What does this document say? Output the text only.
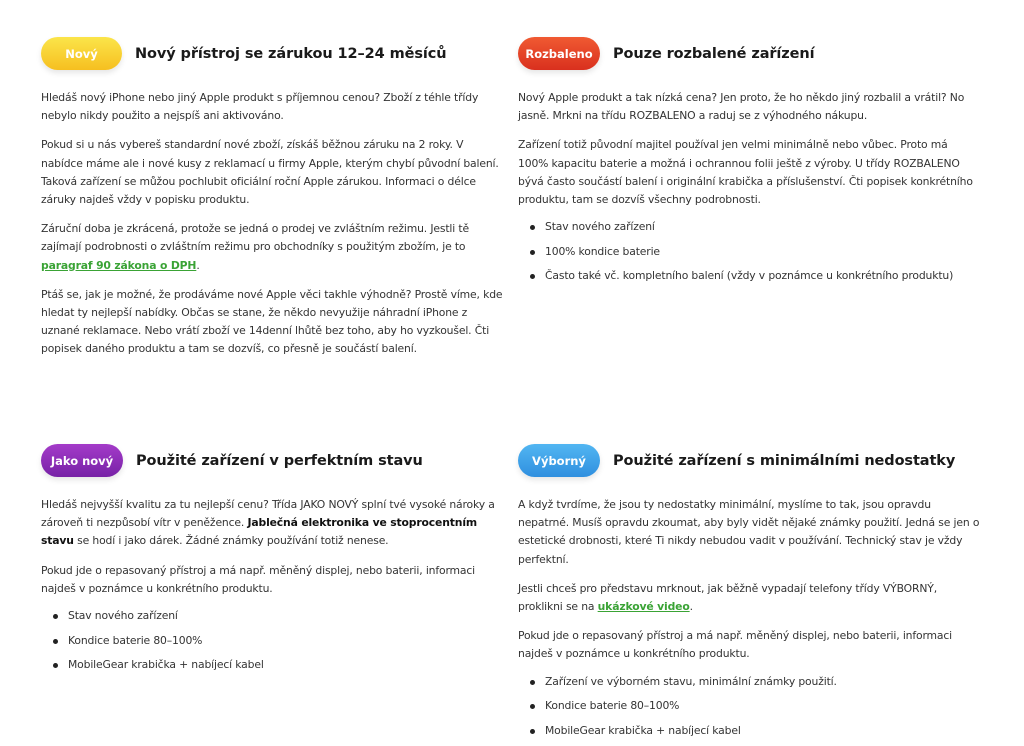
Nový	Nový přístroj se zárukou 12–24 měsíců

Hledáš nový iPhone nebo jiný Apple produkt s příjemnou cenou? Zboží z téhle třídy nebylo nikdy použito a nejspíš ani aktivováno.

Pokud si u nás vybereš standardní nové zboží, získáš běžnou záruku na 2 roky. V nabídce máme ale i nové kusy z reklamací u firmy Apple, kterým chybí původní balení. Taková zařízení se můžou pochlubit oficiální roční Apple zárukou. Informaci o délce záruky najdeš vždy v popisku produktu.

Záruční doba je zkrácená, protože se jedná o prodej ve zvláštním režimu. Jestli tě zajímají podrobnosti o zvláštním režimu pro obchodníky s použitým zbožím, je to paragraf 90 zákona o DPH.

Ptáš se, jak je možné, že prodáváme nové Apple věci takhle výhodně? Prostě víme, kde hledat ty nejlepší nabídky. Občas se stane, že někdo nevyužije náhradní iPhone z uznané reklamace. Nebo vrátí zboží ve 14denní lhůtě bez toho, aby ho vyzkoušel. Čti popisek daného produktu a tam se dozvíš, co přesně je součástí balení.

Rozbaleno	Pouze rozbalené zařízení

Nový Apple produkt a tak nízká cena? Jen proto, že ho někdo jiný rozbalil a vrátil? No jasně. Mrkni na třídu ROZBALENO a raduj se z výhodného nákupu.

Zařízení totiž původní majitel používal jen velmi minimálně nebo vůbec. Proto má 100% kapacitu baterie a možná i ochrannou folii ještě z výroby. U třídy ROZBALENO bývá často součástí balení i originální krabička a příslušenství. Čti popisek konkrétního produktu, tam se dozvíš všechny podrobnosti.

Stav nového zařízení
100% kondice baterie
Často také vč. kompletního balení (vždy v poznámce u konkrétního produktu)
Jako nový	Použité zařízení v perfektním stavu

Hledáš nejvyšší kvalitu za tu nejlepší cenu? Třída JAKO NOVÝ splní tvé vysoké nároky a zároveň ti nezpůsobí vítr v peněžence. Jablečná elektronika ve stoprocentním stavu se hodí i jako dárek. Žádné známky používání totiž nenese.

Pokud jde o repasovaný přístroj a má např. měněný displej, nebo baterii, informaci najdeš v poznámce u konkrétního produktu.

Stav nového zařízení
Kondice baterie 80–100%
MobileGear krabička + nabíjecí kabel
Výborný	Použité zařízení s minimálními nedostatky

A když tvrdíme, že jsou ty nedostatky minimální, myslíme to tak, jsou opravdu nepatrné. Musíš opravdu zkoumat, aby byly vidět nějaké známky použití. Jedná se jen o estetické drobnosti, které Ti nikdy nebudou vadit v používání. Technický stav je vždy perfektní.

Jestli chceš pro představu mrknout, jak běžně vypadají telefony třídy VÝBORNÝ, proklikni se na ukázkové video.

Pokud jde o repasovaný přístroj a má např. měněný displej, nebo baterii, informaci najdeš v poznámce u konkrétního produktu.

Zařízení ve výborném stavu, minimální známky použití.
Kondice baterie 80–100%
MobileGear krabička + nabíjecí kabel
